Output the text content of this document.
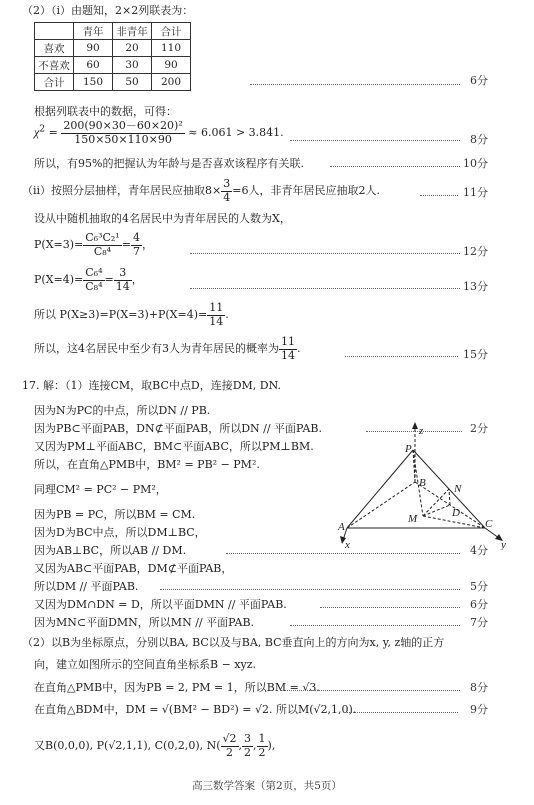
（2）（ⅰ）由题知，2×2列联表为：
	青年	非青年	合计
喜欢	90	20	110
不喜欢	60	30	90
合计	150	50	200	6分
根据列联表中的数据，可得：
$\chi^2 = \frac{\text{200(90×30－60×20)²}}{150\times 50\times 110\times 90} \approx 6.061 > 3.841$.
8分
所以，有95%的把握认为年龄与是否喜欢该程序有关联.	10分
（ⅱ）按照分层抽样，青年居民应抽取$8\times \frac{3}{4} =6$人，非青年居民应抽取2人.	11分
设从中随机抽取的4名居民中为青年居民的人数为X，
$P(X=3)= \frac{\text{C₆³C₂¹}}{\text{C₈⁴}} = \frac{4}{7}$ ，
12分
$P(X=4)= \frac{\text{C₆⁴}}{\text{C₈⁴}} = \frac{3}{14}$ ，
13分
所以 $P(X\ge 3)=P(X=3)+P(X=4)= \frac{11}{14}$ .
所以，这4名居民中至少有3人为青年居民的概率为 $\frac{11}{14}$ .	15分
17. 解：（1）连接CM，取BC中点D，连接DM, DN.
因为N为PC的中点，所以DN // PB.
因为PB⊂平面PAB，DN⊄平面PAB，所以DN // 平面PAB.	2分
又因为PM⊥平面ABC，BM⊂平面ABC，所以PM⊥BM.
所以，在直角△PMB中，BM² = PB² − PM².
同理CM² = PC² − PM²，
因为PB = PC，所以BM = CM.
因为D为BC中点，所以DM⊥BC，
因为AB⊥BC，所以AB // DM.	4分
又因为AB⊂平面PAB，DM⊄平面PAB，
所以DM // 平面PAB.	5分
又因为DM∩DN = D，所以平面DMN // 平面PAB.	6分
因为MN⊂平面DMN，所以MN // 平面PAB.	7分
（2）以B为坐标原点，分别以BA, BC以及与BA, BC垂直向上的方向为x, y, z轴的正方
向，建立如图所示的空间直角坐标系B − xyz.
在直角△PMB中，因为PB = 2, PM = 1，所以BM = √3.	8分
在直角△BDM中，DM = √(BM² − BD²) = √2. 所以M(√2,1,0).	9分
又B(0,0,0), P(√2,1,1), C(0,2,0), $N( \frac{√2}{2}$ , $\frac{3}{2}$ , $\frac{1}{2}$ ),
P
A
B
C
M	D
N
x	y
z
高三数学答案（第2页，共5页）
